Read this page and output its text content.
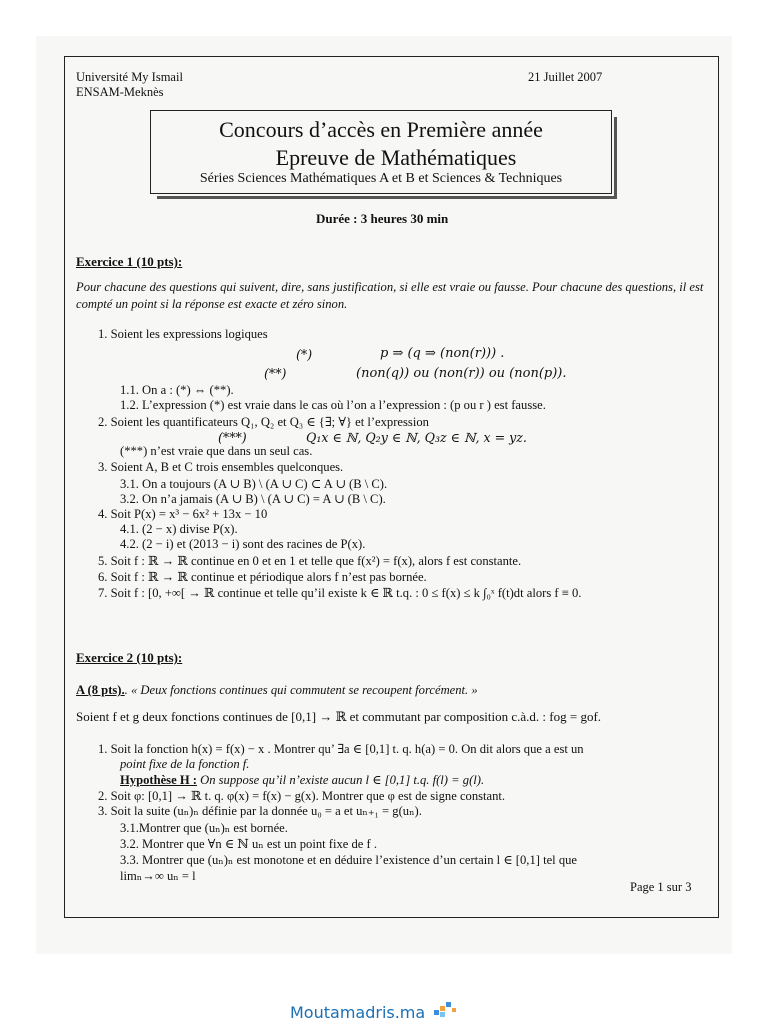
Université My Ismail
ENSAM-Meknès
21 Juillet 2007
Concours d’accès en Première année
Epreuve de Mathématiques
Séries Sciences Mathématiques A et B et Sciences & Techniques
Durée : 3 heures 30 min
Exercice 1 (10 pts):
Pour chacune des questions qui suivent, dire, sans justification, si elle est vraie ou fausse. Pour chacune des questions, il est compté un point si la réponse est exacte et zéro sinon.
1. Soient les expressions logiques
(*)	p ⇒ (q ⇒ (non(r))) .
(**)	(non(q)) ou (non(r)) ou (non(p)).
1.1. On a : (*) ⇔ (**).
1.2. L’expression (*) est vraie dans le cas où l’on a l’expression : (p ou r ) est fausse.
2. Soient les quantificateurs Q₁, Q₂ et Q₃ ∈ {∃; ∀} et l’expression
(***)	Q₁x ∈ ℕ, Q₂y ∈ ℕ, Q₃z ∈ ℕ, x = yz.
(***) n’est vraie que dans un seul cas.
3. Soient A, B et C trois ensembles quelconques.
3.1. On a toujours (A ∪ B) \ (A ∪ C) ⊂ A ∪ (B \ C).
3.2. On n’a jamais (A ∪ B) \ (A ∪ C) = A ∪ (B \ C).
4. Soit P(x) = x³ − 6x² + 13x − 10
4.1. (2 − x) divise P(x).
4.2. (2 − i) et (2013 − i) sont des racines de P(x).
5. Soit f : ℝ → ℝ continue en 0 et en 1 et telle que f(x²) = f(x), alors f est constante.
6. Soit f : ℝ → ℝ continue et périodique alors f n’est pas bornée.
7. Soit f : [0, +∞[ → ℝ continue et telle qu’il existe k ∈ ℝ t.q. : 0 ≤ f(x) ≤ k ∫₀ˣ f(t)dt alors f ≡ 0.
Exercice 2 (10 pts):
A (8 pts).. « Deux fonctions continues qui commutent se recoupent forcément. »
Soient f et g deux fonctions continues de [0,1] → ℝ et commutant par composition c.à.d. : fog = gof.
1. Soit la fonction h(x) = f(x) − x . Montrer qu’ ∃a ∈ [0,1] t. q. h(a) = 0. On dit alors que a est un
point fixe de la fonction f.
Hypothèse H : On suppose qu’il n’existe aucun l ∈ [0,1] t.q. f(l) = g(l).
2. Soit φ: [0,1] → ℝ t. q. φ(x) = f(x) − g(x). Montrer que φ est de signe constant.
3. Soit la suite (uₙ)ₙ définie par la donnée u₀ = a et uₙ₊₁ = g(uₙ).
3.1.Montrer que (uₙ)ₙ est bornée.
3.2. Montrer que ∀n ∈ ℕ uₙ est un point fixe de f .
3.3. Montrer que (uₙ)ₙ est monotone et en déduire l’existence d’un certain l ∈ [0,1] tel que
limₙ→∞ uₙ = l
Page 1 sur 3
Moutamadris.ma
